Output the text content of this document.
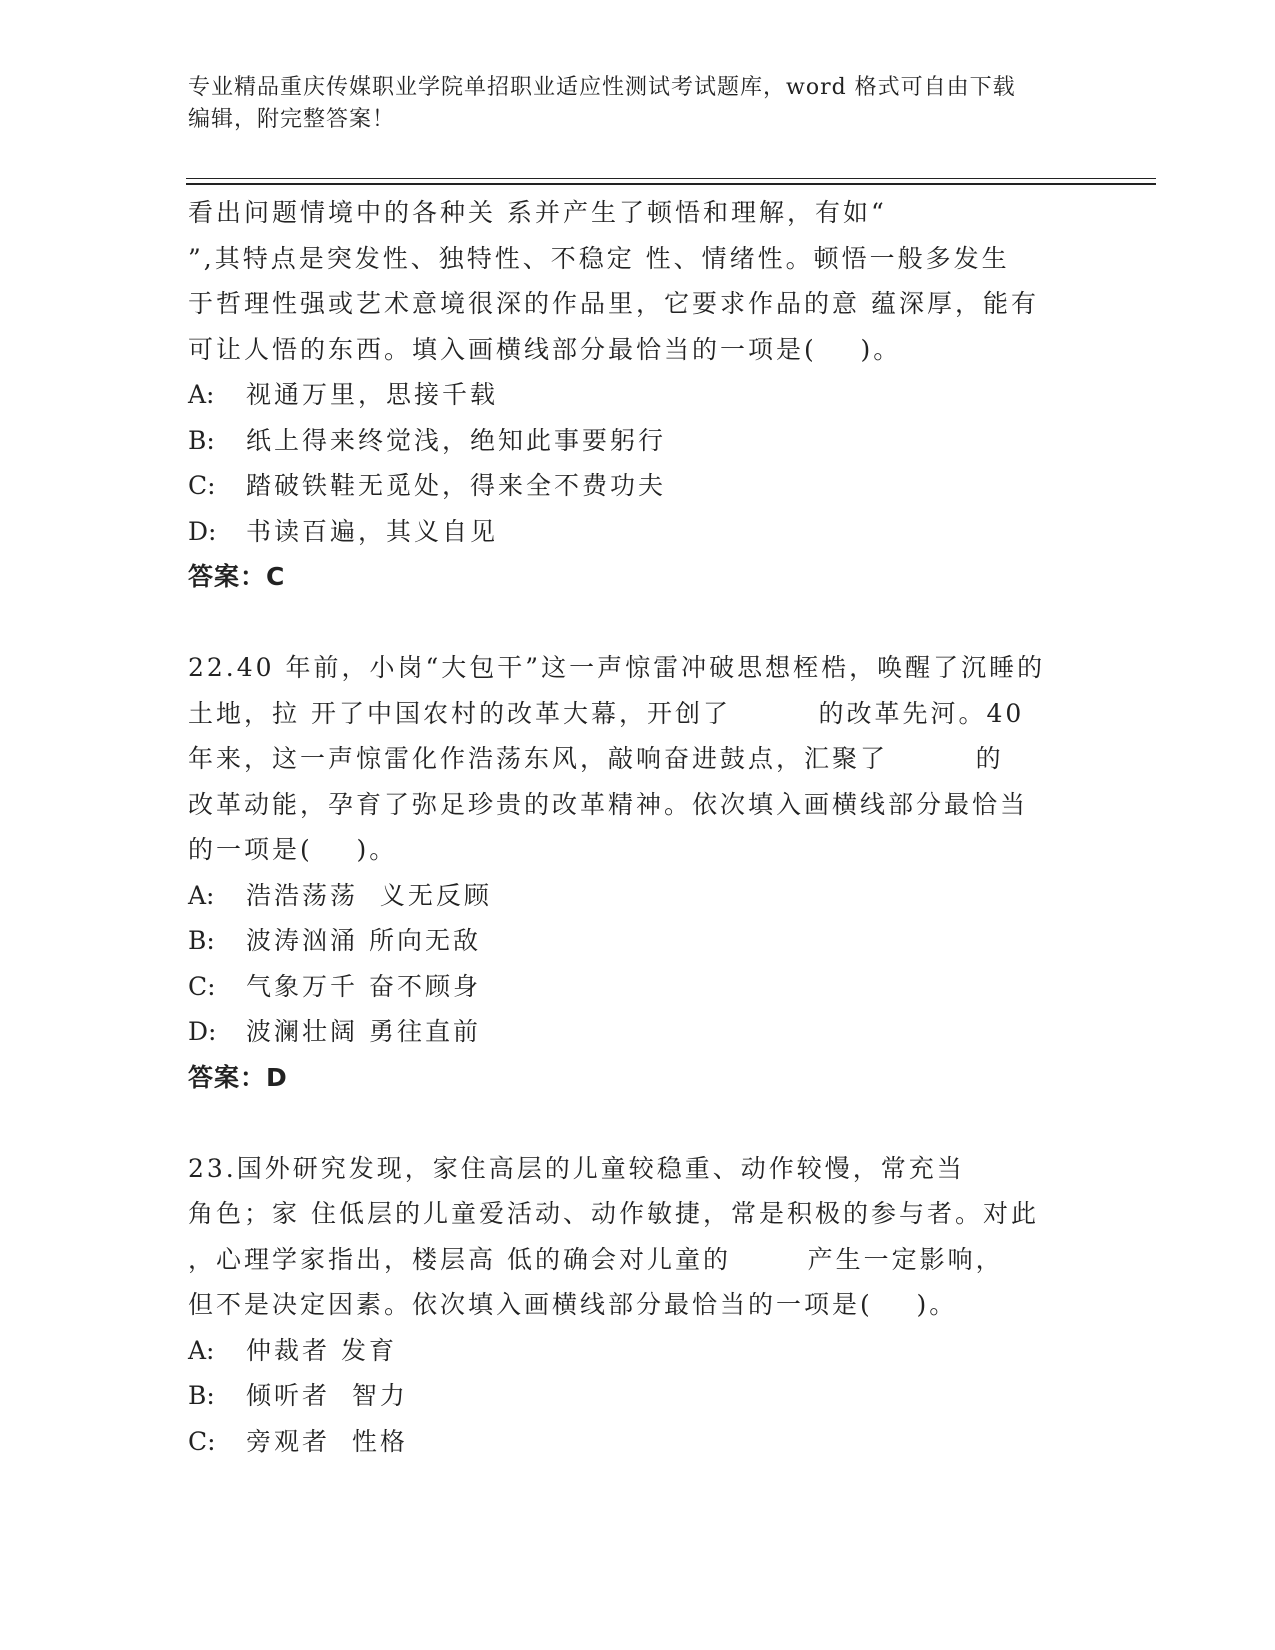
专业精品重庆传媒职业学院单招职业适应性测试考试题库，word 格式可自由下载
编辑，附完整答案！
看出问题情境中的各种关 系并产生了顿悟和理解，有如“
”,其特点是突发性、独特性、不稳定 性、情绪性。顿悟一般多发生
于哲理性强或艺术意境很深的作品里，它要求作品的意 蕴深厚，能有
可让人悟的东西。填入画横线部分最恰当的一项是(    )。
A:	视通万里，思接千载
B:	纸上得来终觉浅，绝知此事要躬行
C:	踏破铁鞋无觅处，得来全不费功夫
D:	书读百遍，其义自见
答案：C
22.40 年前，小岗“大包干”这一声惊雷冲破思想桎梏，唤醒了沉睡的
土地，拉 开了中国农村的改革大幕，开创了        的改革先河。40
年来，这一声惊雷化作浩荡东风，敲响奋进鼓点，汇聚了        的
改革动能，孕育了弥足珍贵的改革精神。依次填入画横线部分最恰当
的一项是(    )。
A:	浩浩荡荡  义无反顾
B:	波涛汹涌 所向无敌
C:	气象万千 奋不顾身
D:	波澜壮阔 勇往直前
答案：D
23.国外研究发现，家住高层的儿童较稳重、动作较慢，常充当
角色；家 住低层的儿童爱活动、动作敏捷，常是积极的参与者。对此
，心理学家指出，楼层高 低的确会对儿童的       产生一定影响，
但不是决定因素。依次填入画横线部分最恰当的一项是(    )。
A:	仲裁者 发育
B:	倾听者  智力
C:	旁观者  性格
